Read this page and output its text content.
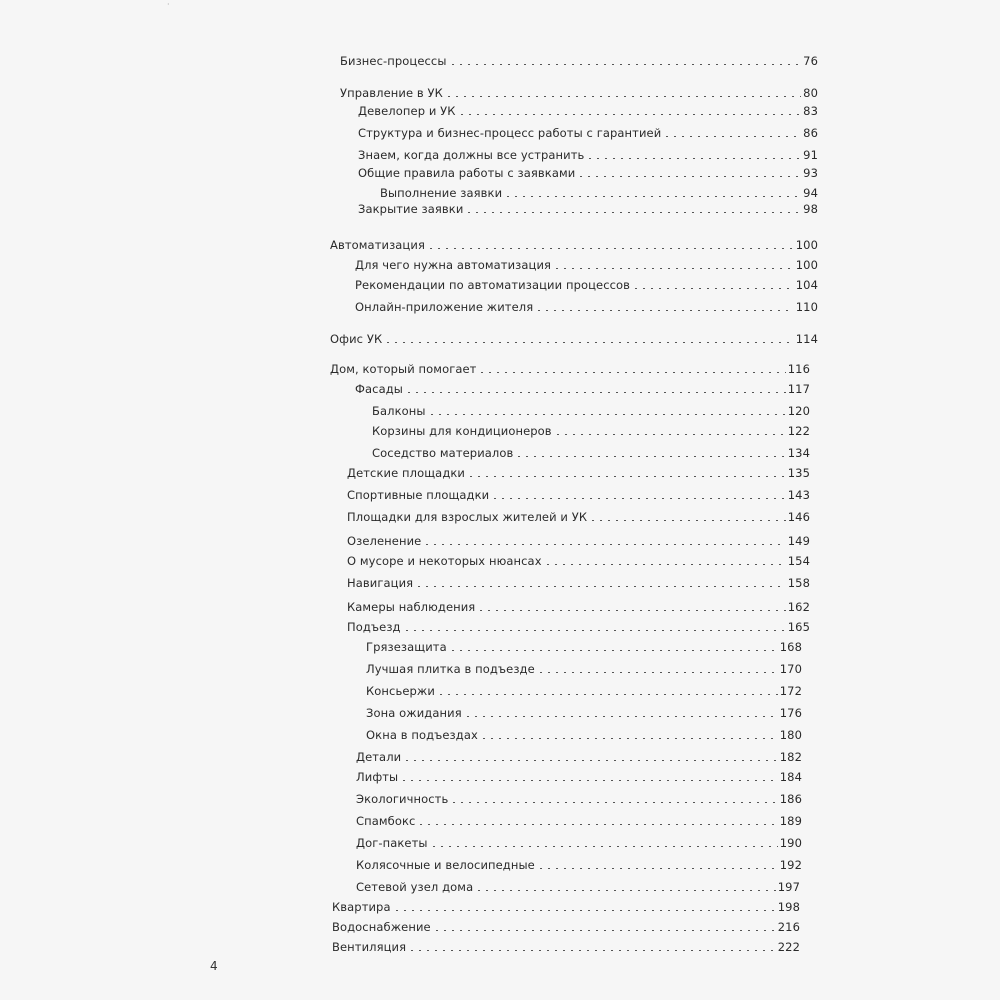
·
Бизнес-процессы	76
Управление в УК	80
Девелопер и УК	83
Структура и бизнес-процесс работы с гарантией	86
Знаем, когда должны все устранить	91
Общие правила работы с заявками	93
Выполнение заявки	94
Закрытие заявки	98
Автоматизация	100
Для чего нужна автоматизация	100
Рекомендации по автоматизации процессов	104
Онлайн-приложение жителя	110
Офис УК	114
Дом, который помогает	116
Фасады	117
Балконы	120
Корзины для кондиционеров	122
Соседство материалов	134
Детские площадки	135
Спортивные площадки	143
Площадки для взрослых жителей и УК	146
Озеленение	149
О мусоре и некоторых нюансах	154
Навигация	158
Камеры наблюдения	162
Подъезд	165
Грязезащита	168
Лучшая плитка в подъезде	170
Консьержи	172
Зона ожидания	176
Окна в подъездах	180
Детали	182
Лифты	184
Экологичность	186
Спамбокс	189
Дог-пакеты	190
Колясочные и велосипедные	192
Сетевой узел дома	197
Квартира	198
Водоснабжение	216
Вентиляция	222
4
